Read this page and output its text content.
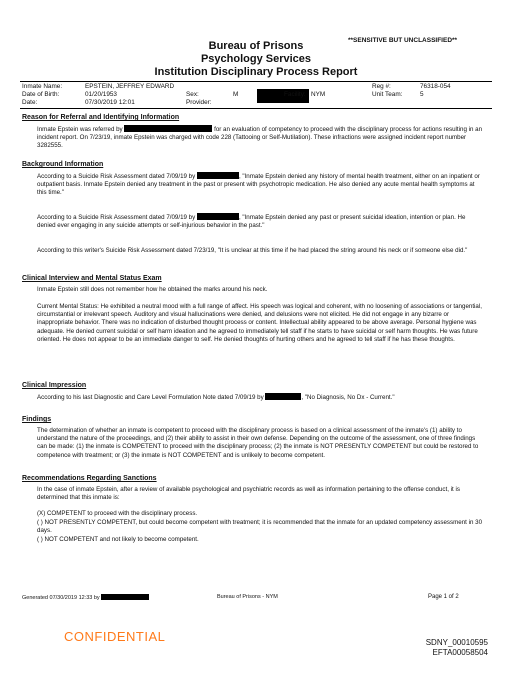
**SENSITIVE BUT UNCLASSIFIED**
Bureau of Prisons
Psychology Services
Institution Disciplinary Process Report
Inmate Name:	EPSTEIN, JEFFREY EDWARD
Date of Birth:	01/20/1953
Date:	07/30/2019 12:01
Sex:	M
Provider:
Facility: NYM
Reg #:	76318-054
Unit Team:	5
Reason for Referral and Identifying Information
Inmate Epstein was referred by	for an evaluation of competency to proceed with the disciplinary process for actions resulting in an incident report. On 7/23/19, inmate Epstein was charged with code 228 (Tattooing or Self-Mutilation). These infractions were assigned incident report number 3282555.
Background Information
According to a Suicide Risk Assessment dated 7/09/19 by	, "Inmate Epstein denied any history of mental health treatment, either on an inpatient or outpatient basis. Inmate Epstein denied any treatment in the past or present with psychotropic medication. He also denied any acute mental health symptoms at this time."
According to a Suicide Risk Assessment dated 7/09/19 by	, "Inmate Epstein denied any past or present suicidal ideation, intention or plan. He denied ever engaging in any suicide attempts or self-injurious behavior in the past."
According to this writer's Suicide Risk Assessment dated 7/23/19, "It is unclear at this time if he had placed the string around his neck or if someone else did."
Clinical Interview and Mental Status Exam
Inmate Epstein still does not remember how he obtained the marks around his neck.
Current Mental Status: He exhibited a neutral mood with a full range of affect. His speech was logical and coherent, with no loosening of associations or tangential, circumstantial or irrelevant speech. Auditory and visual hallucinations were denied, and delusions were not elicited. He did not engage in any bizarre or inappropriate behavior. There was no indication of disturbed thought process or content. Intellectual ability appeared to be above average. Personal hygiene was adequate. He denied current suicidal or self harm ideation and he agreed to immediately tell staff if he starts to have suicidal or self harm thoughts. He was future oriented. He does not appear to be an immediate danger to self. He denied thoughts of hurting others and he agreed to tell staff if he has these thoughts.
Clinical Impression
According to his last Diagnostic and Care Level Formulation Note dated 7/09/19 by	, "No Diagnosis, No Dx - Current."
Findings
The determination of whether an inmate is competent to proceed with the disciplinary process is based on a clinical assessment of the inmate's (1) ability to understand the nature of the proceedings, and (2) their ability to assist in their own defense. Depending on the outcome of the assessment, one of three findings can be made: (1) the inmate is COMPETENT to proceed with the disciplinary process; (2) the inmate is NOT PRESENTLY COMPETENT but could be restored to competence with treatment; or (3) the inmate is NOT COMPETENT and is unlikely to become competent.
Recommendations Regarding Sanctions
In the case of inmate Epstein, after a review of available psychological and psychiatric records as well as information pertaining to the offense conduct, it is determined that this inmate is:
(X) COMPETENT to proceed with the disciplinary process.
( ) NOT PRESENTLY COMPETENT, but could become competent with treatment; it is recommended that the inmate for an updated competency assessment in 30 days.
( ) NOT COMPETENT and not likely to become competent.
Generated 07/30/2019 12:33 by	Bureau of Prisons - NYM	Page 1 of 2
CONFIDENTIAL	SDNY_00010595
EFTA00058504
